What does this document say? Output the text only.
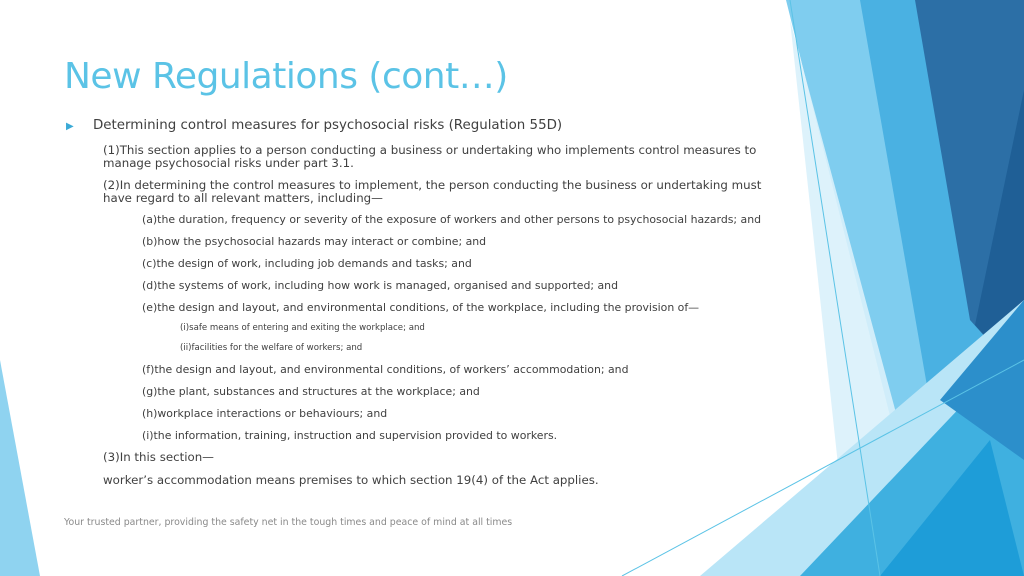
New Regulations (cont…)
▶ Determining control measures for psychosocial risks (Regulation 55D)
(1)This section applies to a person conducting a business or undertaking who implements control measures to manage psychosocial risks under part 3.1.
(2)In determining the control measures to implement, the person conducting the business or undertaking must have regard to all relevant matters, including—
(a)the duration, frequency or severity of the exposure of workers and other persons to psychosocial hazards; and
(b)how the psychosocial hazards may interact or combine; and
(c)the design of work, including job demands and tasks; and
(d)the systems of work, including how work is managed, organised and supported; and
(e)the design and layout, and environmental conditions, of the workplace, including the provision of—
(i)safe means of entering and exiting the workplace; and
(ii)facilities for the welfare of workers; and
(f)the design and layout, and environmental conditions, of workers’ accommodation; and
(g)the plant, substances and structures at the workplace; and
(h)workplace interactions or behaviours; and
(i)the information, training, instruction and supervision provided to workers.
(3)In this section—
worker’s accommodation means premises to which section 19(4) of the Act applies.
Your trusted partner, providing the safety net in the tough times and peace of mind at all times
